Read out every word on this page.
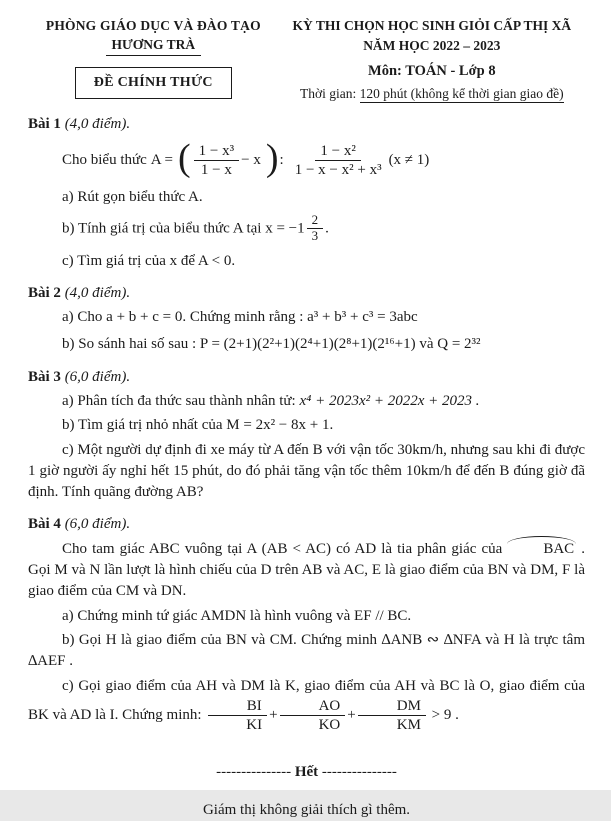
PHÒNG GIÁO DỤC VÀ ĐÀO TẠO
HƯƠNG TRÀ
ĐỀ CHÍNH THỨC
KỲ THI CHỌN HỌC SINH GIỎI CẤP THỊ XÃ
NĂM HỌC 2022 – 2023
Môn: TOÁN - Lớp 8
Thời gian: 120 phút (không kể thời gian giao đề)

Bài 1 (4,0 điểm).

Cho biểu thức A = ( $\frac{\text{1 − x³}}{1 - x} - x$ ) : $\frac{\text{1 − x²}}{\text{1 − x − x² + x³}} (x \ne 1)$

a) Rút gọn biểu thức A.

b) Tính giá trị của biểu thức A tại $x = -1 \frac{2}{3}$ .

c) Tìm giá trị của x để A < 0.

Bài 2 (4,0 điểm).

a) Cho a + b + c = 0. Chứng minh rằng : a³ + b³ + c³ = 3abc

b) So sánh hai số sau : P = (2+1)(2²+1)(2⁴+1)(2⁸+1)(2¹⁶+1) và Q = 2³²

Bài 3 (6,0 điểm).

a) Phân tích đa thức sau thành nhân tử: x⁴ + 2023x² + 2022x + 2023 .

b) Tìm giá trị nhỏ nhất của M = 2x² − 8x + 1.

c) Một người dự định đi xe máy từ A đến B với vận tốc 30km/h, nhưng sau khi đi được 1 giờ người ấy nghỉ hết 15 phút, do đó phải tăng vận tốc thêm 10km/h để đến B đúng giờ đã định. Tính quãng đường AB?

Bài 4 (6,0 điểm).

Cho tam giác ABC vuông tại A (AB < AC) có AD là tia phân giác của BAC . Gọi M và N lần lượt là hình chiếu của D trên AB và AC, E là giao điểm của BN và DM, F là giao điểm của CM và DN.

a) Chứng minh tứ giác AMDN là hình vuông và EF // BC.

b) Gọi H là giao điểm của BN và CM. Chứng minh ∆ANB ∾ ∆NFA và H là trực tâm ∆AEF .

c) Gọi giao điểm của AH và DM là K, giao điểm của AH và BC là O, giao điểm của BK và AD là I. Chứng minh: $\frac{BI}{KI} + \frac{AO}{KO} + \frac{DM}{KM} > 9$ .

--------------- Hết ---------------

Giám thị không giải thích gì thêm.
